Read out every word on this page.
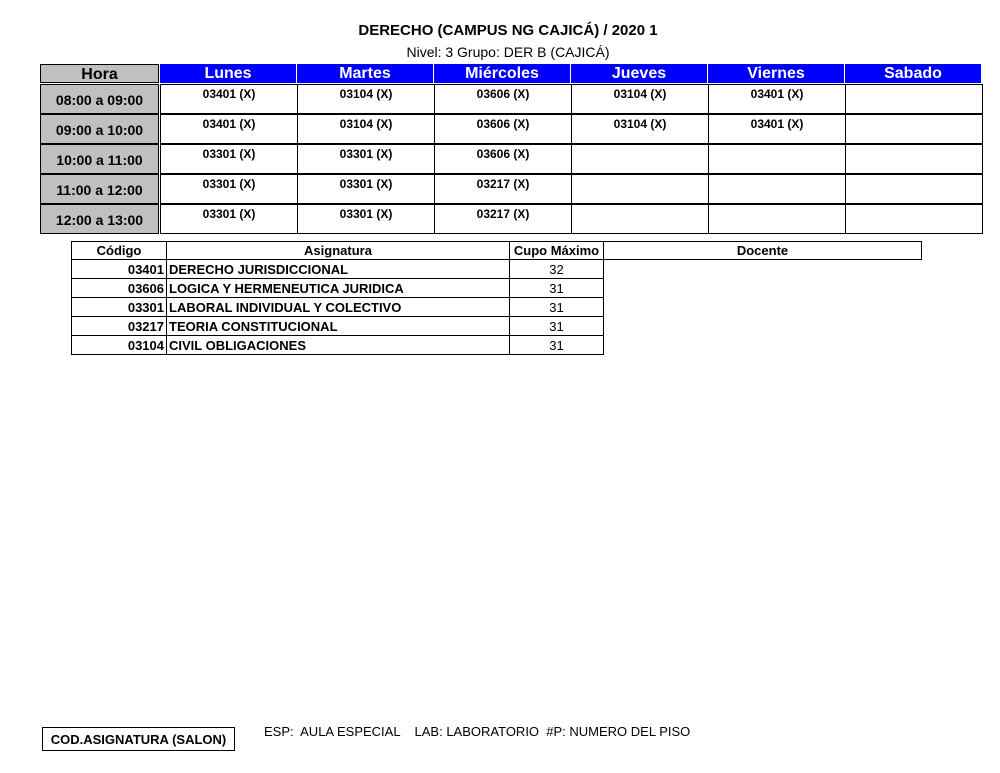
DERECHO (CAMPUS NG CAJICÁ) / 2020 1
Nivel: 3 Grupo: DER B (CAJICÁ)
Hora	Lunes	Martes	Miércoles	Jueves	Viernes	Sabado
08:00 a 09:00	03401 (X)	03104 (X)	03606 (X)	03104 (X)	03401 (X)
09:00 a 10:00	03401 (X)	03104 (X)	03606 (X)	03104 (X)	03401 (X)
10:00 a 11:00	03301 (X)	03301 (X)	03606 (X)
11:00 a 12:00	03301 (X)	03301 (X)	03217 (X)
12:00 a 13:00	03301 (X)	03301 (X)	03217 (X)
Código	Asignatura	Cupo Máximo	Docente
03401	DERECHO JURISDICCIONAL	32	
03606	LOGICA Y HERMENEUTICA JURIDICA	31	
03301	LABORAL INDIVIDUAL Y COLECTIVO	31	
03217	TEORIA CONSTITUCIONAL	31	
03104	CIVIL OBLIGACIONES	31	
COD.ASIGNATURA (SALON)
ESP:  AULA ESPECIAL    LAB: LABORATORIO  #P: NUMERO DEL PISO
